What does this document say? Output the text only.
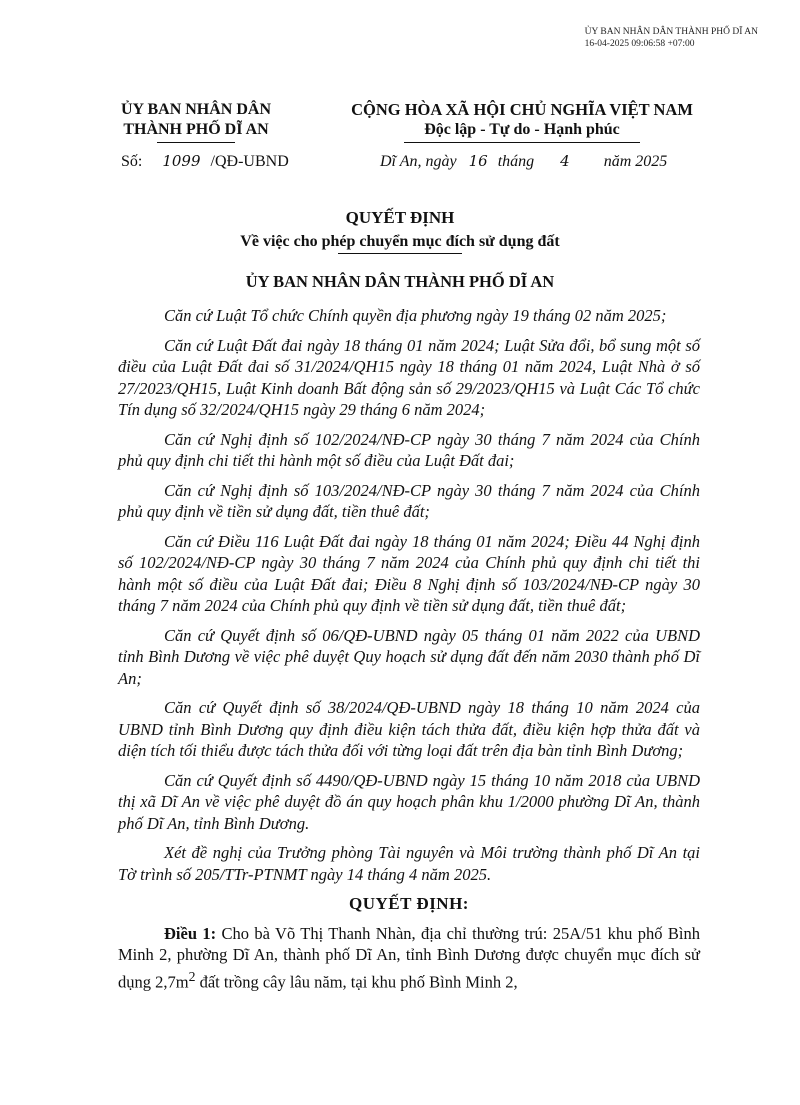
ỦY BAN NHÂN DÂN THÀNH PHỐ DĨ AN
16-04-2025 09:06:58 +07:00
ỦY BAN NHÂN DÂN
THÀNH PHỐ DĨ AN
CỘNG HÒA XÃ HỘI CHỦ NGHĨA VIỆT NAM
Độc lập - Tự do - Hạnh phúc
Số: 1099 /QĐ-UBND	Dĩ An, ngày 16 tháng 4 năm 2025
QUYẾT ĐỊNH
Về việc cho phép chuyển mục đích sử dụng đất
ỦY BAN NHÂN DÂN THÀNH PHỐ DĨ AN

Căn cứ Luật Tổ chức Chính quyền địa phương ngày 19 tháng 02 năm 2025;

Căn cứ Luật Đất đai ngày 18 tháng 01 năm 2024; Luật Sửa đổi, bổ sung một số điều của Luật Đất đai số 31/2024/QH15 ngày 18 tháng 01 năm 2024, Luật Nhà ở số 27/2023/QH15, Luật Kinh doanh Bất động sản số 29/2023/QH15 và Luật Các Tổ chức Tín dụng số 32/2024/QH15 ngày 29 tháng 6 năm 2024;

Căn cứ Nghị định số 102/2024/NĐ-CP ngày 30 tháng 7 năm 2024 của Chính phủ quy định chi tiết thi hành một số điều của Luật Đất đai;

Căn cứ Nghị định số 103/2024/NĐ-CP ngày 30 tháng 7 năm 2024 của Chính phủ quy định về tiền sử dụng đất, tiền thuê đất;

Căn cứ Điều 116 Luật Đất đai ngày 18 tháng 01 năm 2024; Điều 44 Nghị định số 102/2024/NĐ-CP ngày 30 tháng 7 năm 2024 của Chính phủ quy định chi tiết thi hành một số điều của Luật Đất đai; Điều 8 Nghị định số 103/2024/NĐ-CP ngày 30 tháng 7 năm 2024 của Chính phủ quy định về tiền sử dụng đất, tiền thuê đất;

Căn cứ Quyết định số 06/QĐ-UBND ngày 05 tháng 01 năm 2022 của UBND tỉnh Bình Dương về việc phê duyệt Quy hoạch sử dụng đất đến năm 2030 thành phố Dĩ An;

Căn cứ Quyết định số 38/2024/QĐ-UBND ngày 18 tháng 10 năm 2024 của UBND tỉnh Bình Dương quy định điều kiện tách thửa đất, điều kiện hợp thửa đất và diện tích tối thiểu được tách thửa đối với từng loại đất trên địa bàn tỉnh Bình Dương;

Căn cứ Quyết định số 4490/QĐ-UBND ngày 15 tháng 10 năm 2018 của UBND thị xã Dĩ An về việc phê duyệt đồ án quy hoạch phân khu 1/2000 phường Dĩ An, thành phố Dĩ An, tỉnh Bình Dương.

Xét đề nghị của Trưởng phòng Tài nguyên và Môi trường thành phố Dĩ An tại Tờ trình số 205/TTr-PTNMT ngày 14 tháng 4 năm 2025.

QUYẾT ĐỊNH:

Điều 1: Cho bà Võ Thị Thanh Nhàn, địa chỉ thường trú: 25A/51 khu phố Bình Minh 2, phường Dĩ An, thành phố Dĩ An, tỉnh Bình Dương được chuyển mục đích sử dụng $2,7m^2$ đất trồng cây lâu năm, tại khu phố Bình Minh 2,
